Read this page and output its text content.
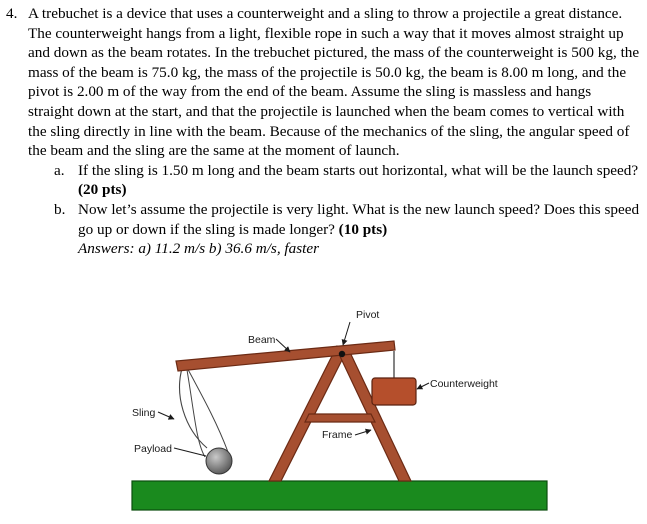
4. A trebuchet is a device that uses a counterweight and a sling to throw a projectile a great distance. The counterweight hangs from a light, flexible rope in such a way that it moves almost straight up and down as the beam rotates. In the trebuchet pictured, the mass of the counterweight is 500 kg, the mass of the beam is 75.0 kg, the mass of the projectile is 50.0 kg, the beam is 8.00 m long, and the pivot is 2.00 m of the way from the end of the beam. Assume the sling is massless and hangs straight down at the start, and that the projectile is launched when the beam comes to vertical with the sling directly in line with the beam. Because of the mechanics of the sling, the angular speed of the beam and the sling are the same at the moment of launch.
a. If the sling is 1.50 m long and the beam starts out horizontal, what will be the launch speed? (20 pts)
b. Now let’s assume the projectile is very light. What is the new launch speed? Does this speed go up or down if the sling is made longer? (10 pts)
Answers: a) 11.2 m/s b) 36.6 m/s, faster
Pivot
Beam
Counterweight
Sling
Frame
Payload
